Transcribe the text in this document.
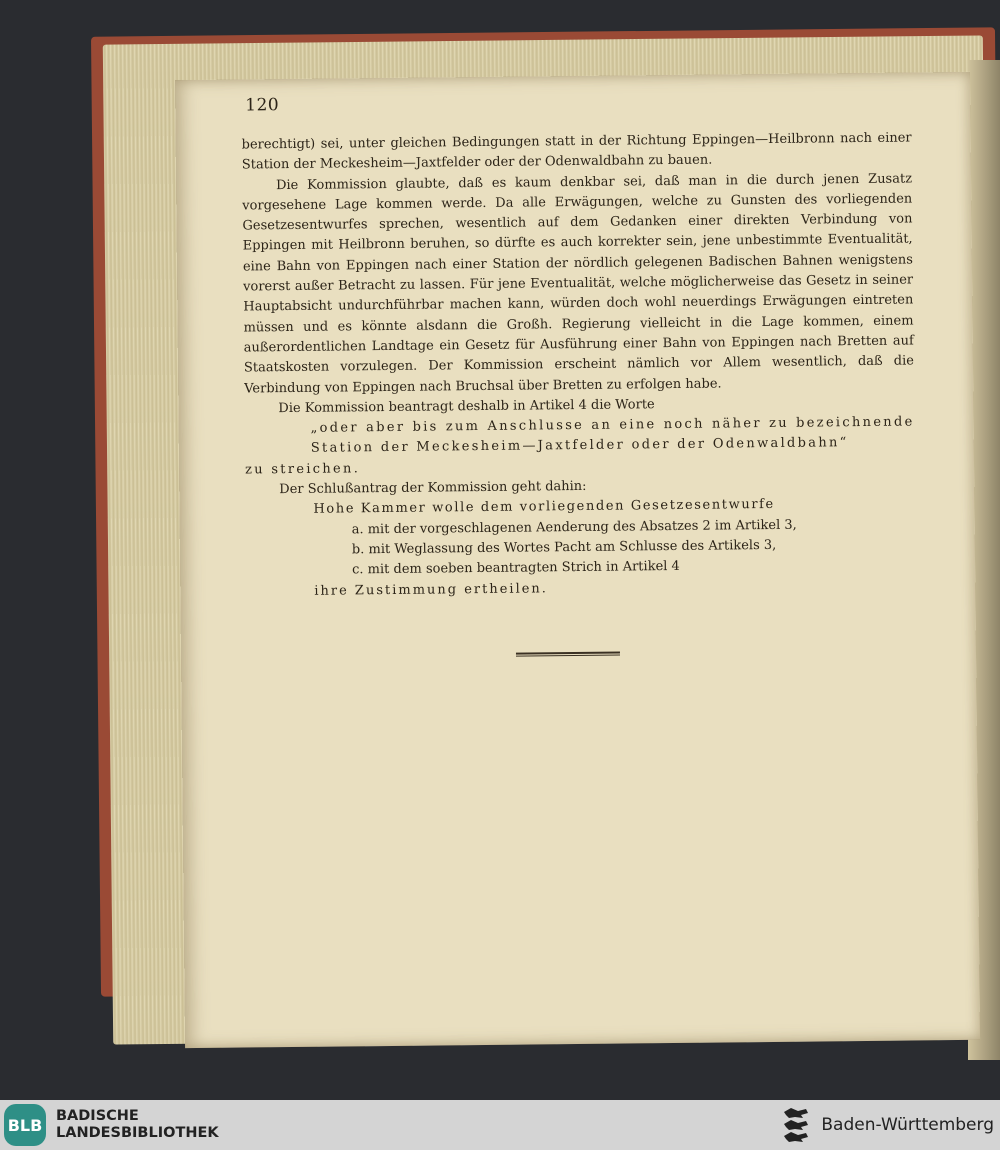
120

berechtigt) sei, unter gleichen Bedingungen statt in der Richtung Eppingen—Heilbronn nach einer Station der Meckesheim—Jaxtfelder oder der Odenwaldbahn zu bauen.

Die Kommission glaubte, daß es kaum denkbar sei, daß man in die durch jenen Zusatz vorgesehene Lage kommen werde. Da alle Erwägungen, welche zu Gunsten des vorliegenden Gesetzesentwurfes sprechen, wesentlich auf dem Gedanken einer direkten Verbindung von Eppingen mit Heilbronn beruhen, so dürfte es auch korrekter sein, jene unbestimmte Eventualität, eine Bahn von Eppingen nach einer Station der nördlich gelegenen Badischen Bahnen wenigstens vorerst außer Betracht zu lassen. Für jene Eventualität, welche möglicherweise das Gesetz in seiner Hauptabsicht undurchführbar machen kann, würden doch wohl neuerdings Erwägungen eintreten müssen und es könnte alsdann die Großh. Regierung vielleicht in die Lage kommen, einem außerordentlichen Landtage ein Gesetz für Ausführung einer Bahn von Eppingen nach Bretten auf Staatskosten vorzulegen. Der Kommission erscheint nämlich vor Allem wesentlich, daß die Verbindung von Eppingen nach Bruchsal über Bretten zu erfolgen habe.

Die Kommission beantragt deshalb in Artikel 4 die Worte

„oder aber bis zum Anschlusse an eine noch näher zu bezeichnende Station der Meckesheim—Jaxtfelder oder der Odenwaldbahn“

zu streichen.

Der Schlußantrag der Kommission geht dahin:

Hohe Kammer wolle dem vorliegenden Gesetzesentwurfe

a. mit der vorgeschlagenen Aenderung des Absatzes 2 im Artikel 3,

b. mit Weglassung des Wortes Pacht am Schlusse des Artikels 3,

c. mit dem soeben beantragten Strich in Artikel 4

ihre Zustimmung ertheilen.

BLB BADISCHE
LANDESBIBLIOTHEK	Baden-Württemberg
